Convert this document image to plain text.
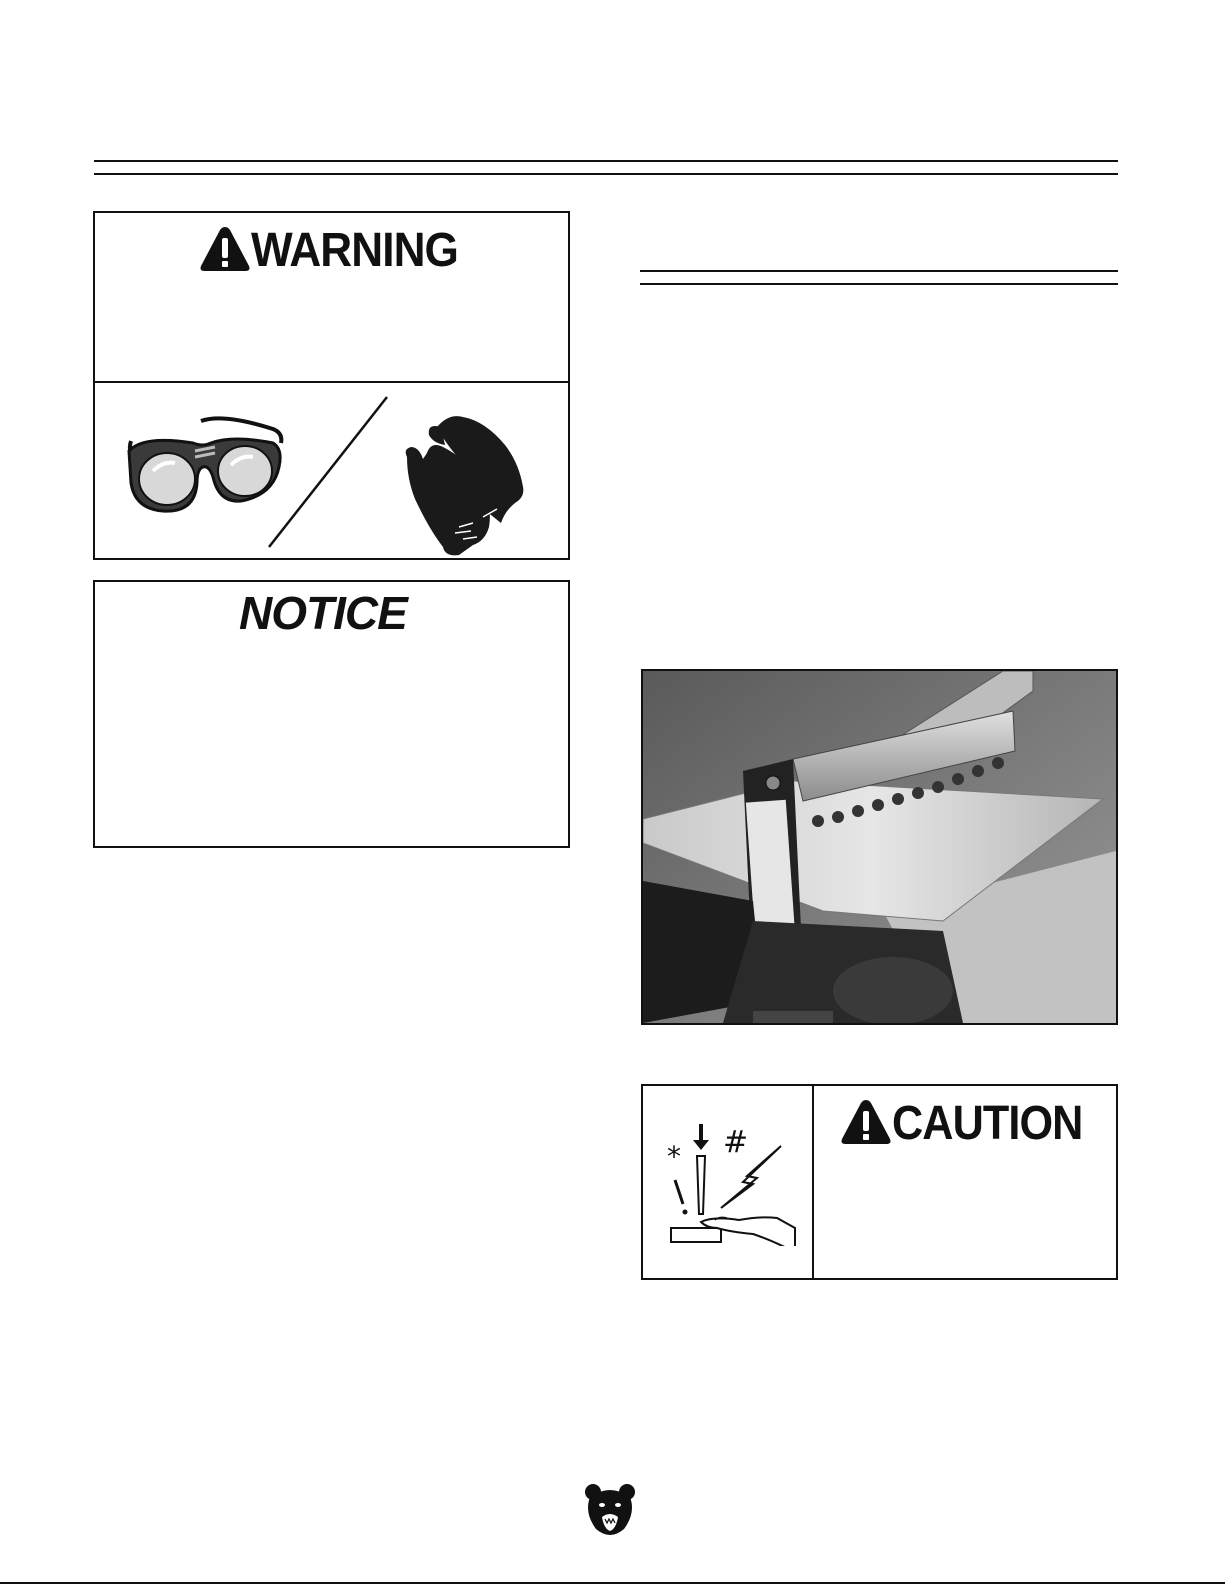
WARNING
NOTICE
* #	CAUTION
